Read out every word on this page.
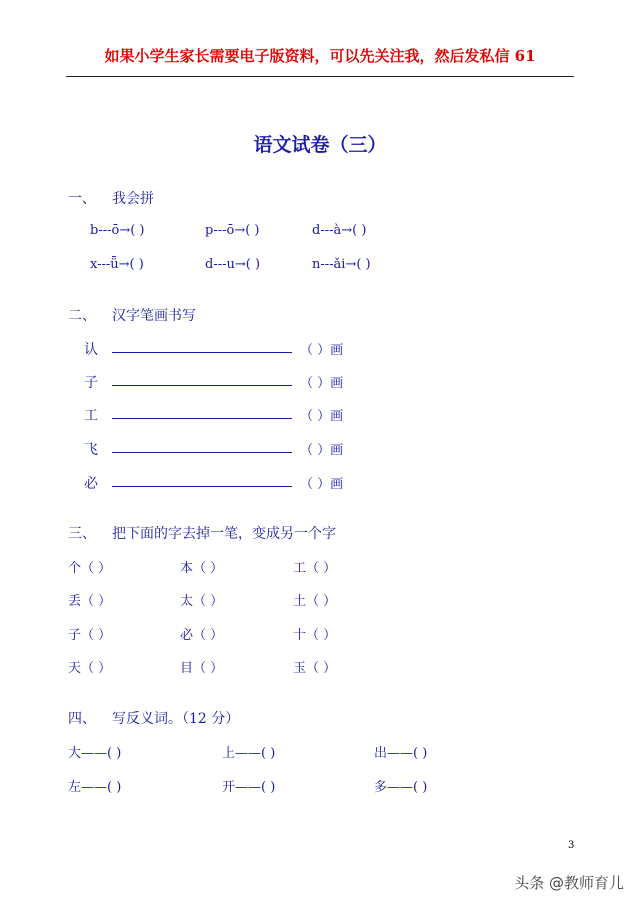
如果小学生家长需要电子版资料，可以先关注我，然后发私信 61
语文试卷（三）
一、 我会拼
b---ō→( )	p---ō→( )	d---à→( )
x---ǖ→( )	d---u→( )	n---ǎi→( )
二、 汉字笔画书写
认	（ ）画
子	（ ）画
工	（ ）画
飞	（ ）画
必	（ ）画
三、 把下面的字去掉一笔，变成另一个字
个（ ）	本（ ）	工（ ）
丢（ ）	太（ ）	土（ ）
子（ ）	必（ ）	十（ ）
天（ ）	目（ ）	玉（ ）
四、 写反义词。（12 分）
大——( )	上——( )	出——( )
左——( )	开——( )	多——( )
3
头条 @教师育儿
